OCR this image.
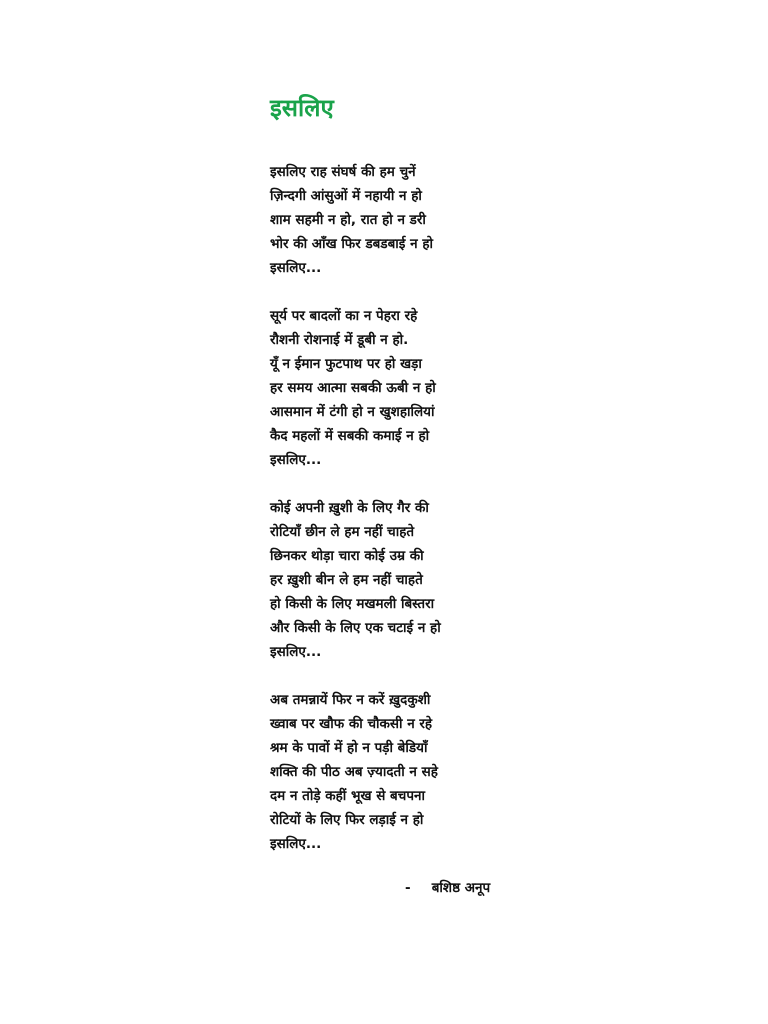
इसलिए
इसलिए राह संघर्ष की हम चुनें
ज़िन्दगी आंसुओं में नहायी न हो
शाम सहमी न हो, रात हो न डरी
भोर की आँख फिर डबडबाई न हो
इसलिए...
सूर्य पर बादलों का न पेहरा रहे
रौशनी रोशनाई में डूबी न हो.
यूँ न ईमान फुटपाथ पर हो खड़ा
हर समय आत्मा सबकी ऊबी न हो
आसमान में टंगी हो न खुशहालियां
कैद महलों में सबकी कमाई न हो
इसलिए...
कोई अपनी ख़ुशी के लिए गैर की
रोटियाँ छीन ले हम नहीं चाहते
छिनकर थोड़ा चारा कोई उम्र की
हर ख़ुशी बीन ले हम नहीं चाहते
हो किसी के लिए मखमली बिस्तरा
और किसी के लिए एक चटाई न हो
इसलिए...
अब तमन्नायें फिर न करें ख़ुदकुशी
ख्वाब पर खौफ की चौकसी न रहे
श्रम के पावों में हो न पड़ी बेडियाँ
शक्ति की पीठ अब ज़्यादती न सहे
दम न तोड़े कहीं भूख से बचपना
रोटियों के लिए फिर लड़ाई न हो
इसलिए...
- बशिष्ठ अनूप
